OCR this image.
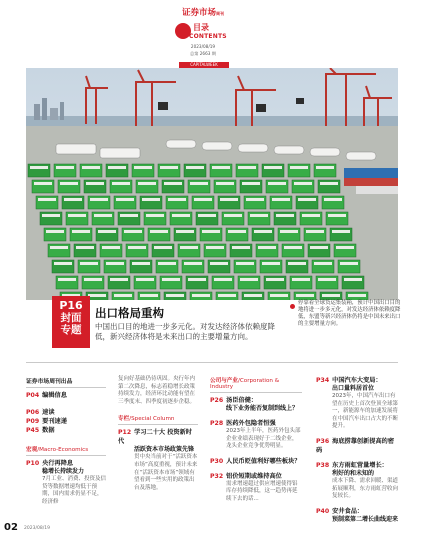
证券市场周刊
目录
CONTENTS
2023/08/19
总第 2663 期
CAPITALWEEK
P16
封面
专题
出口格局重构
中国出口目的地进一步多元化。对发达经济体依赖度降低，新兴经济体将是未来出口的主要增量方向。
停靠着全球货运集装箱，预计中国出口目的地将进一步多元化，对发达经济体依赖度降低，东盟等新兴经济体仍将是中国未来出口的主要增量方向。
证券市场周刊出品
P04 编辑信息
P06 速读
P09 要刊速递
P45 数据
宏观/Macro-Economics
P10 央行再降息
稳增长持续发力
7月工业、消费、投资及信贷等数据增速均低于预期，国内需求仍显不足，经济修
复向好基础仍待巩固。央行年内第二次降息，标志着稳增长政策持续发力，经济环比动能有望在三季度末、四季度初逐步企稳。
专栏/Special Column
P12 学习二十大 投资新时代
活跃资本市场政策先锋
贯中央当前对于“活跃资本市场”高度重视，预计未来在“活跃资本市场”领域有望看到一些实用的政策出台及落地。
公司与产业/Corporation & Industry
P26 汤臣倍健：
线下业务能否复制到线上？
P28 医药外包隐者恒强
2023年上半年，医药外包头部企业业绩表现好于二线企业，龙头企业竞争优势明显。
P30 人民币贬值利好哪些板块？
P32 铝价短期或维持高位
需求增速超过供应增速使得铝库存持续降低，这一趋势再延续下去的话...
P34 中国汽车大变局：
出口量料居首位
2023年，中国汽车出口有望在历史上首次登顶全球第一，新能源车的加速发展将在中国汽车出口占大的不断提升。
P36 海底捞靠创新提高的密码
P38 东方雨虹营量增长：
利好的和未知的
成本下降、需求回暖、渠道拓展顺利，东方雨虹营收向复较长。
P40 安井食品：
预制菜第二增长曲线迎来
02 2023/08/19
